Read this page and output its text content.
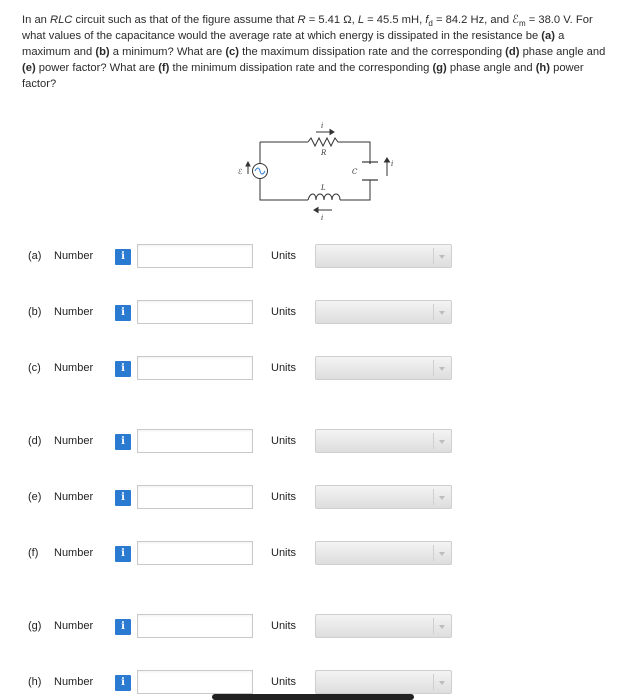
In an RLC circuit such as that of the figure assume that R = 5.41 Ω, L = 45.5 mH, $f_d = 84.2$ Hz, and ℰ$_m$ = 38.0 V. For what values of the capacitance would the average rate at which energy is dissipated in the resistance be (a) a maximum and (b) a minimum? What are (c) the maximum dissipation rate and the corresponding (d) phase angle and (e) power factor? What are (f) the minimum dissipation rate and the corresponding (g) phase angle and (h) power factor?
i
R
L
i
C
i
ℰ
(a) Number	i	Units
(b) Number	i	Units
(c) Number	i	Units
(d) Number	i	Units
(e) Number	i	Units
(f) Number	i	Units
(g) Number	i	Units
(h) Number	i	Units
